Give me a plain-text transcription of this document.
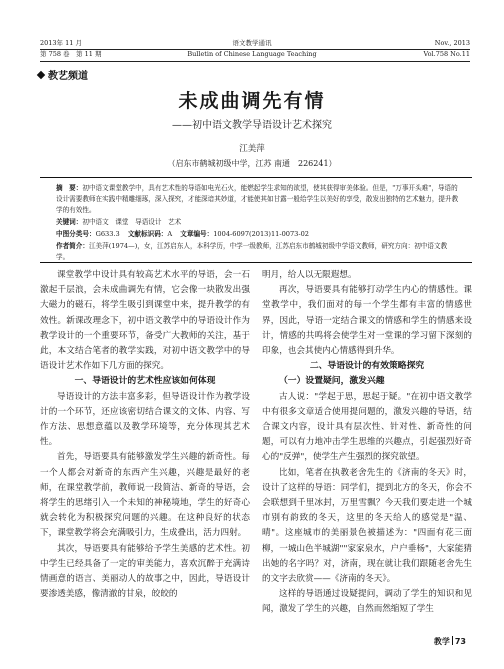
2013年 11 月
第 758 卷　第 11 期
语文教学通讯
Bulletin of Chinese Language Teaching
Nov., 2013
Vol.758 No.11
教艺频道
未成曲调先有情
——初中语文教学导语设计艺术探究
江美萍
（启东市鹤城初级中学，江苏 南通　226241）
摘　要：初中语文课堂教学中，具有艺术性的导语如电光石火，能燃起学生求知的欲望，使其获得审美体验。但是，"万事开头难"，导语的设计需要教师在实践中精雕细琢，深入探究，才能深谙其妙道，才能使其如甘露一般给学生以美好的享受，散发出独特的艺术魅力，提升教学的有效性。
关键词：初中语文　课堂　导语设计　艺术
中图分类号：G633.3 文献标识码：A 文章编号：1004-6097(2013)11-0073-02
作者简介：江美萍(1974—)，女，江苏启东人，本科学历，中学一级教师，江苏启东市鹤城初级中学语文教师，研究方向：初中语文教学。

课堂教学中设计具有较高艺术水平的导语，会一石激起千层浪，会未成曲调先有情，它会像一块散发出强大磁力的磁石，将学生吸引到课堂中来，提升教学的有效性。新课改理念下，初中语文教学中的导语设计作为教学设计的一个重要环节，备受广大教师的关注，基于此，本文结合笔者的教学实践，对初中语文教学中的导语设计艺术作如下几方面的探究。

一、导语设计的艺术性应该如何体现

导语设计的方法丰富多彩，但导语设计作为教学设计的一个环节，还应该密切结合课文的文体、内容、写作方法、思想意蕴以及教学环境等，充分体现其艺术性。

首先，导语要具有能够激发学生兴趣的新奇性。每一个人都会对新奇的东西产生兴趣，兴趣是最好的老师，在课堂教学前，教师说一段简洁、新奇的导语，会将学生的思绪引入一个未知的神秘境地，学生的好奇心就会转化为积极探究问题的兴趣。在这种良好的状态下，课堂教学将会充满吸引力，生成叠出，活力四射。

其次，导语要具有能够给予学生美感的艺术性。初中学生已经具备了一定的审美能力，喜欢沉醉于充满诗情画意的语言、美丽动人的故事之中，因此，导语设计要渗透美感，像清澈的甘泉，皎皎的

明月，给人以无限遐想。

再次，导语要具有能够打动学生内心的情感性。课堂教学中，我们面对的每一个学生都有丰富的情感世界，因此，导语一定结合课文的情感和学生的情感来设计，情感的共鸣将会使学生对一堂课的学习留下深刻的印象，也会其使内心情感得到升华。

二、导语设计的有效策略探究
（一）设置疑问，激发兴趣

古人说："学起于思，思起于疑。"在初中语文教学中有很多文章适合使用提问题的，激发兴趣的导语，结合课文内容，设计具有层次性、针对性、新奇性的问题，可以有力地冲击学生思维的兴趣点，引起强烈好奇心的"反弹"，使学生产生强烈的探究欲望。

比如，笔者在执教老舍先生的《济南的冬天》时，设计了这样的导语：同学们，提到北方的冬天，你会不会联想到千里冰封，万里雪飘？今天我们要走进一个城市别有韵致的冬天，这里的冬天给人的感觉是"温、晴"。这座城市的美丽景色被描述为："四面有花三面柳，一城山色半城湖""家家泉水，户户垂杨"，大家能猜出她的名字吗？对，济南，现在就让我们跟随老舍先生的文字去欣赏——《济南的冬天》。

这样的导语通过设疑提问，调动了学生的知识和见闻，激发了学生的兴趣，自然而然缩短了学生

教学 73
